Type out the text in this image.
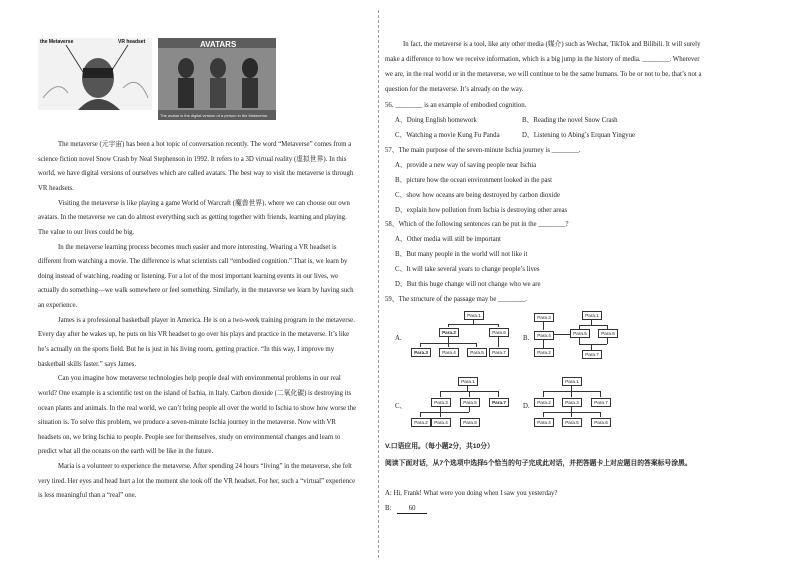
the Metaverse	VR headset	AVATARS
The avatar is the digital version of a person in the Metaverse.
The metaverse (元宇宙) has been a hot topic of conversation recently. The word “Metaverse” comes from a
science fiction novel Snow Crash by Neal Stephenson in 1992. It refers to a 3D virtual reality (虚拟世界). In this
world, we have digital versions of ourselves which are called avatars. The best way to visit the metaverse is through
VR headsets.
Visiting the metaverse is like playing a game World of Warcraft (魔兽世界), where we can choose our own
avatars. In the metaverse we can do almost everything such as getting together with friends, learning and playing.
The value to our lives could be big.
In the metaverse learning process becomes much easier and more interesting. Wearing a VR headset is
different from watching a movie. The difference is what scientists call “embodied cognition.” That is, we learn by
doing instead of watching, reading or listening. For a lot of the most important learning events in our lives, we
actually do something—we walk somewhere or feel something. Similarly, in the metaverse we learn by having such
an experience.
James is a professional basketball player in America. He is on a two-week training program in the metaverse.
Every day after he wakes up, he puts on his VR headset to go over his plays and practice in the metaverse. It’s like
he’s actually on the sports field. But he is just in his living room, getting practice. “In this way, I improve my
basketball skills faster.” says James.
Can you imagine how metaverse technologies help people deal with environmental problems in our real
world? One example is a scientific test on the island of Ischia, in Italy. Carbon dioxide (二氧化碳) is destroying its
ocean plants and animals. In the real world, we can’t bring people all over the world to Ischia to show how worse the
situation is. To solve this problem, we produce a seven-minute Ischia journey in the metaverse. Now with VR
headsets on, we bring Ischia to people. People see for themselves, study on environmental changes and learn to
predict what all the oceans on the earth will be like in the future.
Maria is a volunteer to experience the metaverse. After spending 24 hours “living” in the metaverse, she felt
very tired. Her eyes and head hurt a lot the moment she took off the VR headset. For her, such a “virtual” experience
is less meaningful than a “real” one.
In fact, the metaverse is a tool, like any other media (媒介) such as Wechat, TikTok and Bilibili. It will surely
make a difference to how we receive information, which is a big jump in the history of media. ________. Wherever
we are, in the real world or in the metaverse, we will continue to be the same humans. To be or not to be, that’s not a
question for the metaverse. It’s already on the way.
56. ________ is an example of embodied cognition.
A、Doing English homework	B、Reading the novel Snow Crash
C、Watching a movie Kung Fu Panda	D、Listening to Abing’s Erquan Yingyue
57、The main purpose of the seven-minute Ischia journey is ________.
A、provide a new way of saving people near Ischia
B、picture how the ocean environment looked in the past
C、show how oceans are being destroyed by carbon dioxide
D、explain how pollution from Ischia is destroying other areas
58、Which of the following sentences can be put in the ________?
A、Other media will still be important
B、But many people in the world will not like it
C、It will take several years to change people’s lives
D、But this huge change will not change who we are
59、The structure of the passage may be ________.
A.
Para.1
Para.2	Para.6
Para.3	Para.4	Para.5	Para.7
B.
Para.3	Para.1
Para.4	Para.5	Para.6
Para.2	Para.7
C、
Para.1
Para.3	Para.5	Para.7
Para.2	Para.4	Para.6
D.
Para.1
Para.2	Para.3	Para.7
Para.4	Para.5	Para.6
V.口语应用。（每小题2分，共10分）
阅读下面对话，从7个选项中选择5个恰当的句子完成此对话，并把答题卡上对应题目的答案标号涂黑。
A: Hi, Frank! What were you doing when I saw you yesterday?
B:	60
